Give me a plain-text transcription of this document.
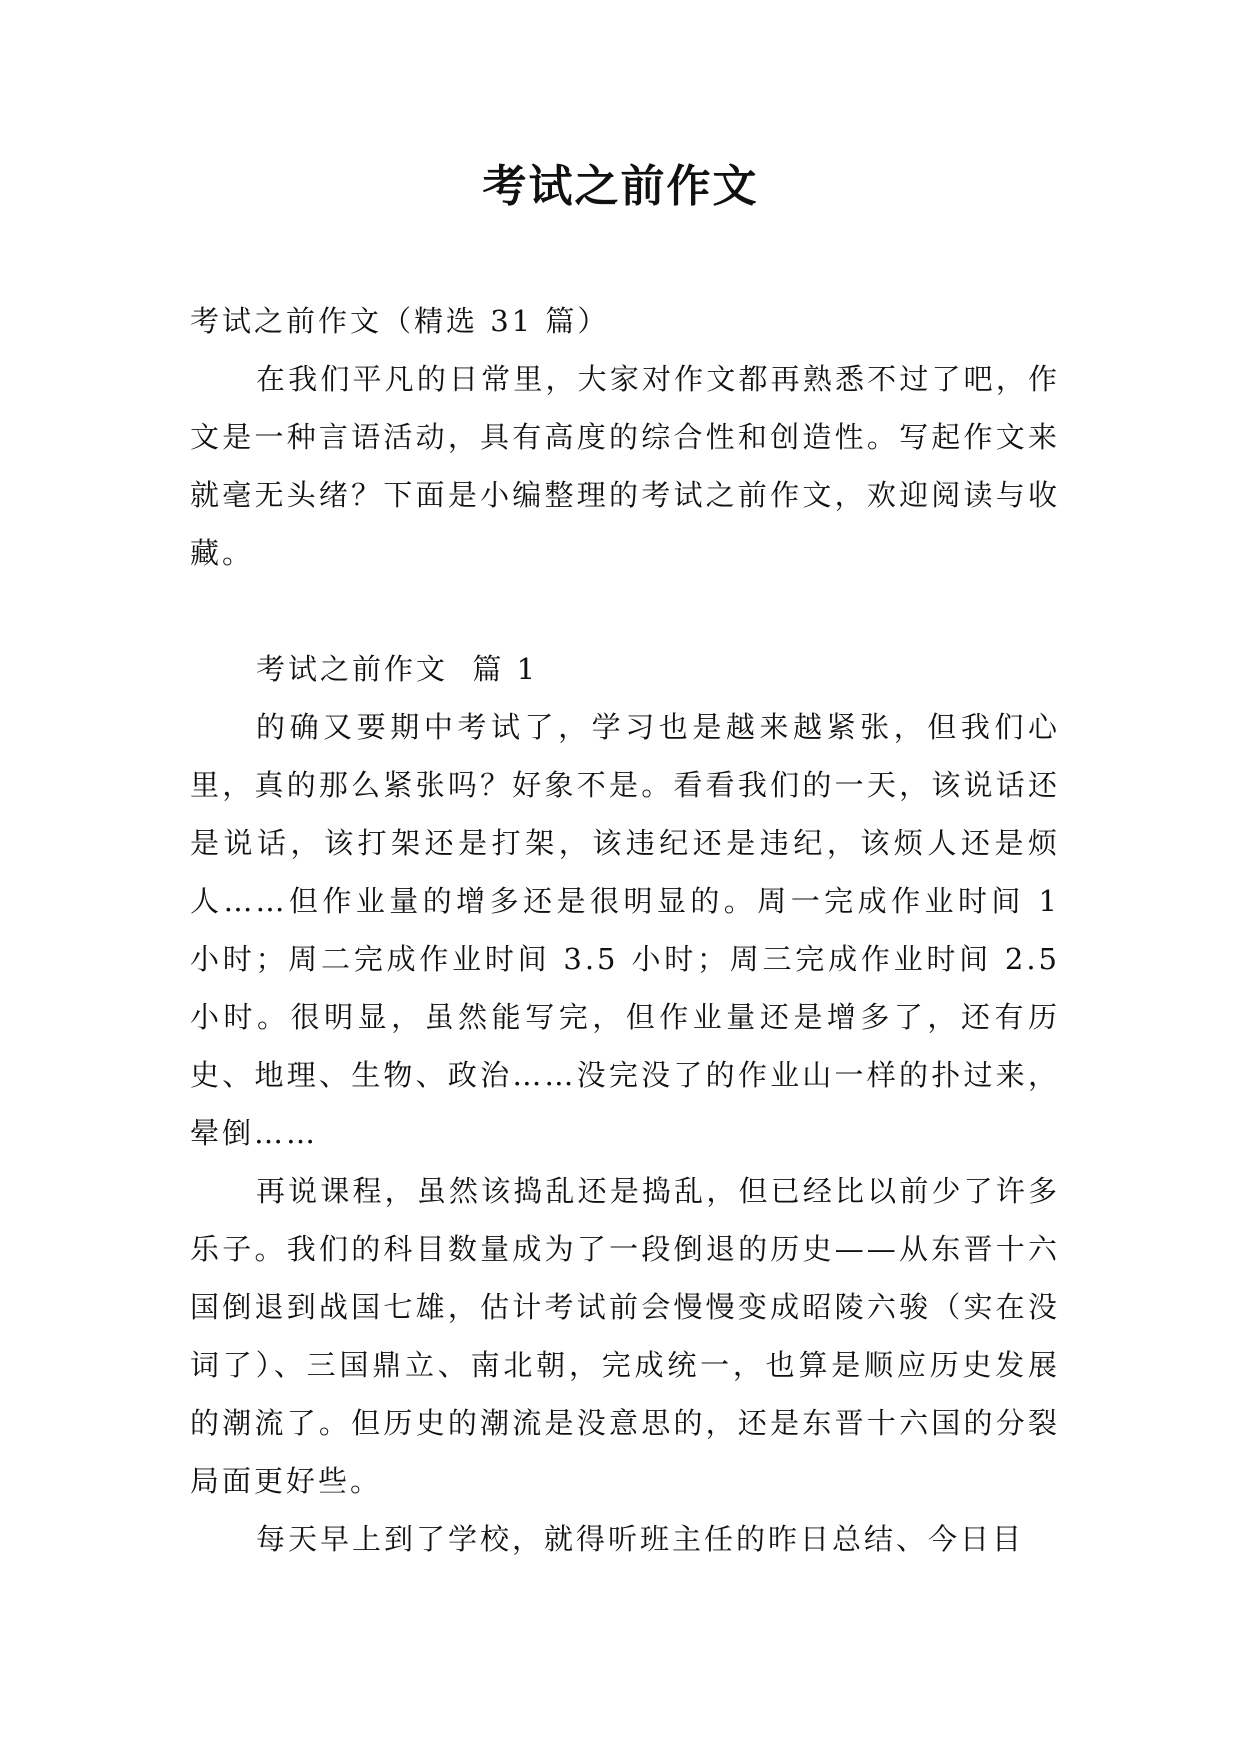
考试之前作文

考试之前作文（精选 31 篇）

在我们平凡的日常里，大家对作文都再熟悉不过了吧，作文是一种言语活动，具有高度的综合性和创造性。写起作文来就毫无头绪？下面是小编整理的考试之前作文，欢迎阅读与收藏。

考试之前作文  篇 1

的确又要期中考试了，学习也是越来越紧张，但我们心里，真的那么紧张吗？好象不是。看看我们的一天，该说话还是说话，该打架还是打架，该违纪还是违纪，该烦人还是烦人……但作业量的增多还是很明显的。周一完成作业时间 1 小时；周二完成作业时间 3.5 小时；周三完成作业时间 2.5 小时。很明显，虽然能写完，但作业量还是增多了，还有历史、地理、生物、政治……没完没了的作业山一样的扑过来，晕倒……

再说课程，虽然该捣乱还是捣乱，但已经比以前少了许多乐子。我们的科目数量成为了一段倒退的历史——从东晋十六国倒退到战国七雄，估计考试前会慢慢变成昭陵六骏（实在没词了）、三国鼎立、南北朝，完成统一，也算是顺应历史发展的潮流了。但历史的潮流是没意思的，还是东晋十六国的分裂局面更好些。

每天早上到了学校，就得听班主任的昨日总结、今日目
